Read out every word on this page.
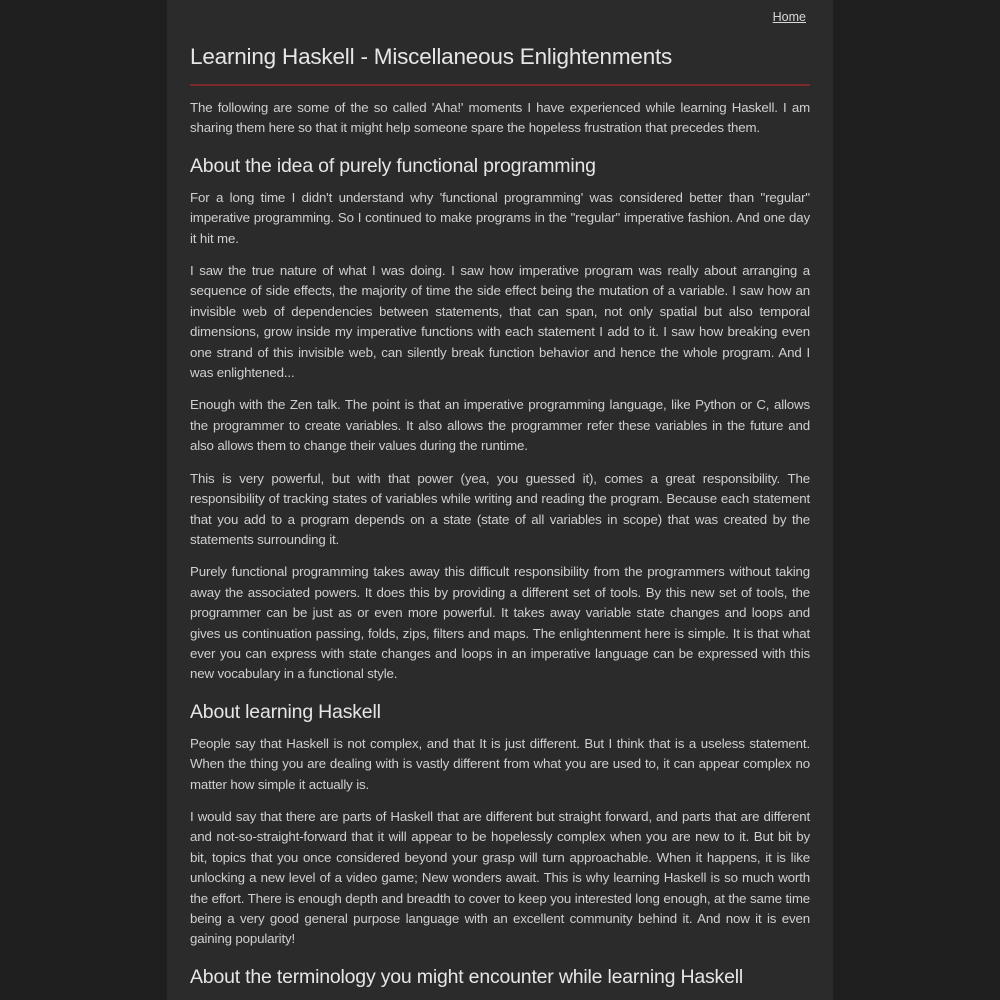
Home
Learning Haskell - Miscellaneous Enlightenments

The following are some of the so called 'Aha!' moments I have experienced while learning Haskell. I am sharing them here so that it might help someone spare the hopeless frustration that precedes them.

About the idea of purely functional programming

For a long time I didn't understand why 'functional programming' was considered better than "regular" imperative programming. So I continued to make programs in the "regular" imperative fashion. And one day it hit me.

I saw the true nature of what I was doing. I saw how imperative program was really about arranging a sequence of side effects, the majority of time the side effect being the mutation of a variable. I saw how an invisible web of dependencies between statements, that can span, not only spatial but also temporal dimensions, grow inside my imperative functions with each statement I add to it. I saw how breaking even one strand of this invisible web, can silently break function behavior and hence the whole program. And I was enlightened...

Enough with the Zen talk. The point is that an imperative programming language, like Python or C, allows the programmer to create variables. It also allows the programmer refer these variables in the future and also allows them to change their values during the runtime.

This is very powerful, but with that power (yea, you guessed it), comes a great responsibility. The responsibility of tracking states of variables while writing and reading the program. Because each statement that you add to a program depends on a state (state of all variables in scope) that was created by the statements surrounding it.

Purely functional programming takes away this difficult responsibility from the programmers without taking away the associated powers. It does this by providing a different set of tools. By this new set of tools, the programmer can be just as or even more powerful. It takes away variable state changes and loops and gives us continuation passing, folds, zips, filters and maps. The enlightenment here is simple. It is that what ever you can express with state changes and loops in an imperative language can be expressed with this new vocabulary in a functional style.

About learning Haskell

People say that Haskell is not complex, and that It is just different. But I think that is a useless statement. When the thing you are dealing with is vastly different from what you are used to, it can appear complex no matter how simple it actually is.

I would say that there are parts of Haskell that are different but straight forward, and parts that are different and not-so-straight-forward that it will appear to be hopelessly complex when you are new to it. But bit by bit, topics that you once considered beyond your grasp will turn approachable. When it happens, it is like unlocking a new level of a video game; New wonders await. This is why learning Haskell is so much worth the effort. There is enough depth and breadth to cover to keep you interested long enough, at the same time being a very good general purpose language with an excellent community behind it. And now it is even gaining popularity!

About the terminology you might encounter while learning Haskell
